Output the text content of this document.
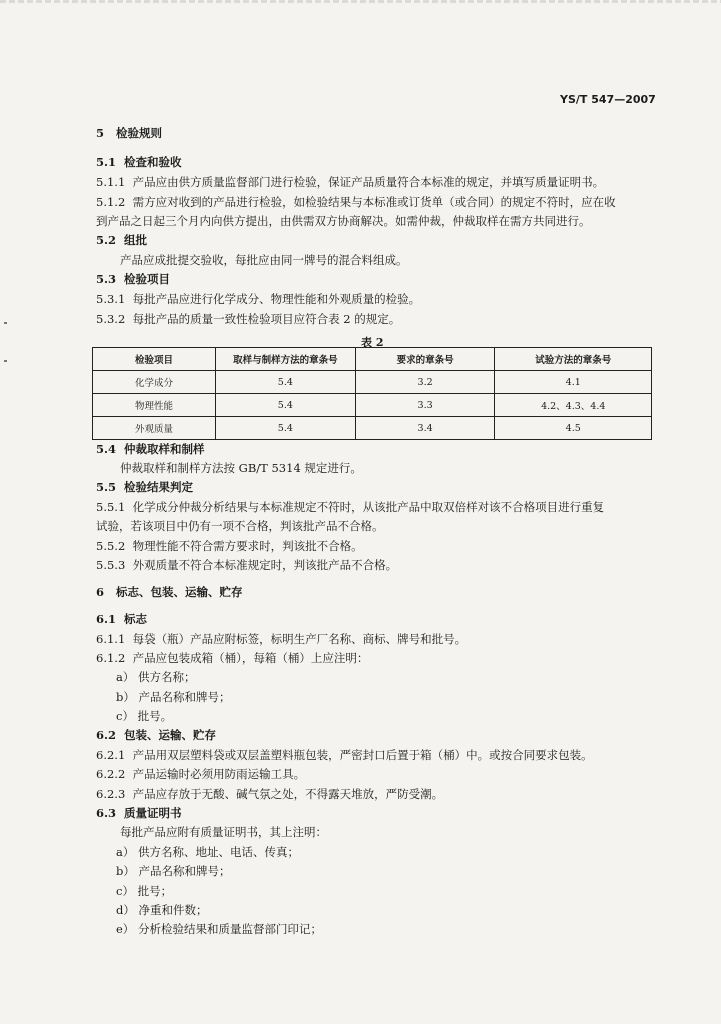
YS/T 547—2007
5 检验规则
5.1 检查和验收
5.1.1 产品应由供方质量监督部门进行检验，保证产品质量符合本标准的规定，并填写质量证明书。
5.1.2 需方应对收到的产品进行检验，如检验结果与本标准或订货单（或合同）的规定不符时，应在收
到产品之日起三个月内向供方提出，由供需双方协商解决。如需仲裁，仲裁取样在需方共同进行。
5.2 组批
产品应成批提交验收，每批应由同一牌号的混合料组成。
5.3 检验项目
5.3.1 每批产品应进行化学成分、物理性能和外观质量的检验。
5.3.2 每批产品的质量一致性检验项目应符合表 2 的规定。
表 2
检验项目	取样与制样方法的章条号	要求的章条号	试验方法的章条号
化学成分	5.4	3.2	4.1
物理性能	5.4	3.3	4.2、4.3、4.4
外观质量	5.4	3.4	4.5
5.4 仲裁取样和制样
仲裁取样和制样方法按 GB/T 5314 规定进行。
5.5 检验结果判定
5.5.1 化学成分仲裁分析结果与本标准规定不符时，从该批产品中取双倍样对该不合格项目进行重复
试验，若该项目中仍有一项不合格，判该批产品不合格。
5.5.2 物理性能不符合需方要求时，判该批不合格。
5.5.3 外观质量不符合本标准规定时，判该批产品不合格。
6 标志、包装、运输、贮存
6.1 标志
6.1.1 每袋（瓶）产品应附标签，标明生产厂名称、商标、牌号和批号。
6.1.2 产品应包装成箱（桶），每箱（桶）上应注明：
a） 供方名称；
b） 产品名称和牌号；
c） 批号。
6.2 包装、运输、贮存
6.2.1 产品用双层塑料袋或双层盖塑料瓶包装，严密封口后置于箱（桶）中。或按合同要求包装。
6.2.2 产品运输时必须用防雨运输工具。
6.2.3 产品应存放于无酸、碱气氛之处，不得露天堆放，严防受潮。
6.3 质量证明书
每批产品应附有质量证明书，其上注明：
a） 供方名称、地址、电话、传真；
b） 产品名称和牌号；
c） 批号；
d） 净重和件数；
e） 分析检验结果和质量监督部门印记；
